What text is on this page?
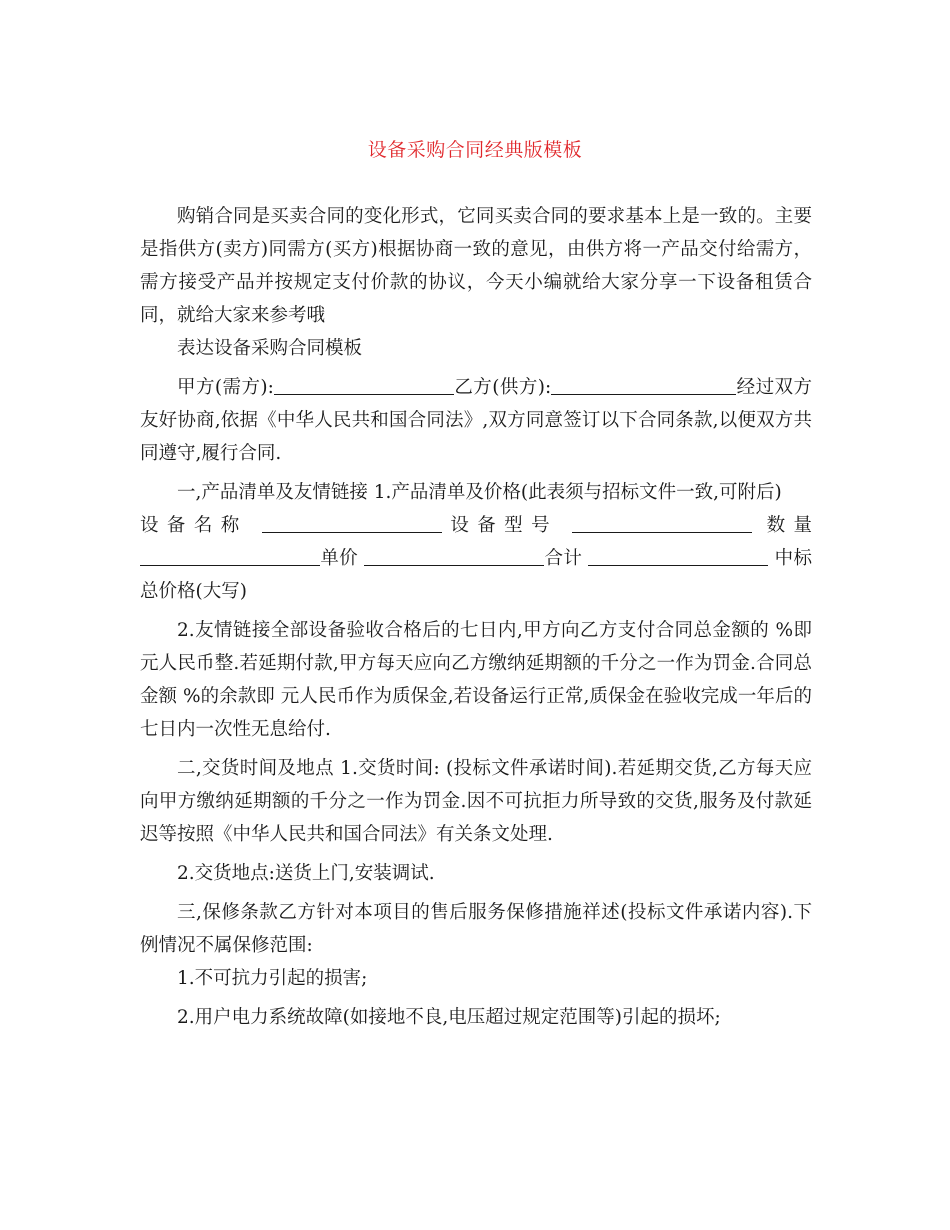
设备采购合同经典版模板

购销合同是买卖合同的变化形式，它同买卖合同的要求基本上是一致的。主要是指供方(卖方)同需方(买方)根据协商一致的意见，由供方将一产品交付给需方，需方接受产品并按规定支付价款的协议，今天小编就给大家分享一下设备租赁合同，就给大家来参考哦

表达设备采购合同模板

甲方(需方):	乙方(供方):	经过双方友好协商,依据《中华人民共和国合同法》,双方同意签订以下合同条款,以便双方共同遵守,履行合同.

一,产品清单及友情链接 1.产品清单及价格(此表须与招标文件一致,可附后)

设备名称	设备型号	数量 单价	合计	中标总价格(大写)

2.友情链接全部设备验收合格后的七日内,甲方向乙方支付合同总金额的 %即 元人民币整.若延期付款,甲方每天应向乙方缴纳延期额的千分之一作为罚金.合同总金额 %的余款即 元人民币作为质保金,若设备运行正常,质保金在验收完成一年后的七日内一次性无息给付.

二,交货时间及地点 1.交货时间: (投标文件承诺时间).若延期交货,乙方每天应向甲方缴纳延期额的千分之一作为罚金.因不可抗拒力所导致的交货,服务及付款延迟等按照《中华人民共和国合同法》有关条文处理.

2.交货地点:送货上门,安装调试.

三,保修条款乙方针对本项目的售后服务保修措施祥述(投标文件承诺内容).下例情况不属保修范围:

1.不可抗力引起的损害;

2.用户电力系统故障(如接地不良,电压超过规定范围等)引起的损坏;
